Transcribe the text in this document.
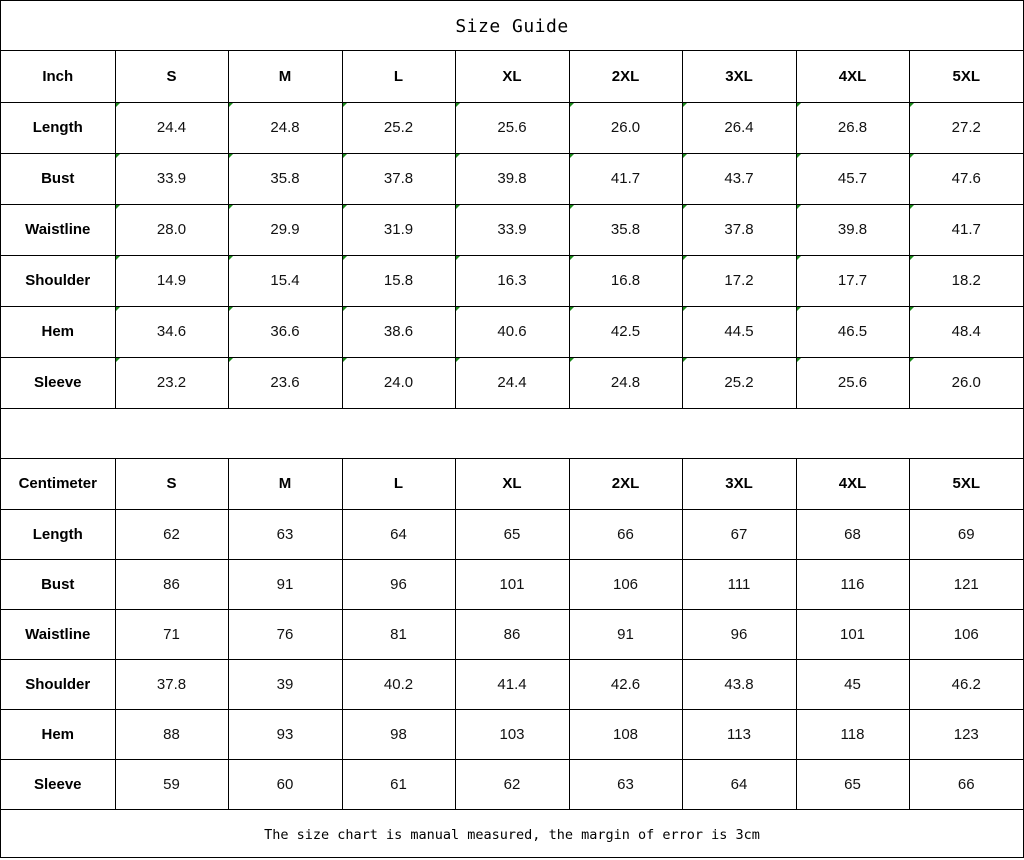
Size Guide
Inch	S	M	L	XL	2XL	3XL	4XL	5XL
Length	24.4	24.8	25.2	25.6	26.0	26.4	26.8	27.2
Bust	33.9	35.8	37.8	39.8	41.7	43.7	45.7	47.6
Waistline	28.0	29.9	31.9	33.9	35.8	37.8	39.8	41.7
Shoulder	14.9	15.4	15.8	16.3	16.8	17.2	17.7	18.2
Hem	34.6	36.6	38.6	40.6	42.5	44.5	46.5	48.4
Sleeve	23.2	23.6	24.0	24.4	24.8	25.2	25.6	26.0
Centimeter	S	M	L	XL	2XL	3XL	4XL	5XL
Length	62	63	64	65	66	67	68	69
Bust	86	91	96	101	106	111	116	121
Waistline	71	76	81	86	91	96	101	106
Shoulder	37.8	39	40.2	41.4	42.6	43.8	45	46.2
Hem	88	93	98	103	108	113	118	123
Sleeve	59	60	61	62	63	64	65	66
The size chart is manual measured, the margin of error is 3cm
